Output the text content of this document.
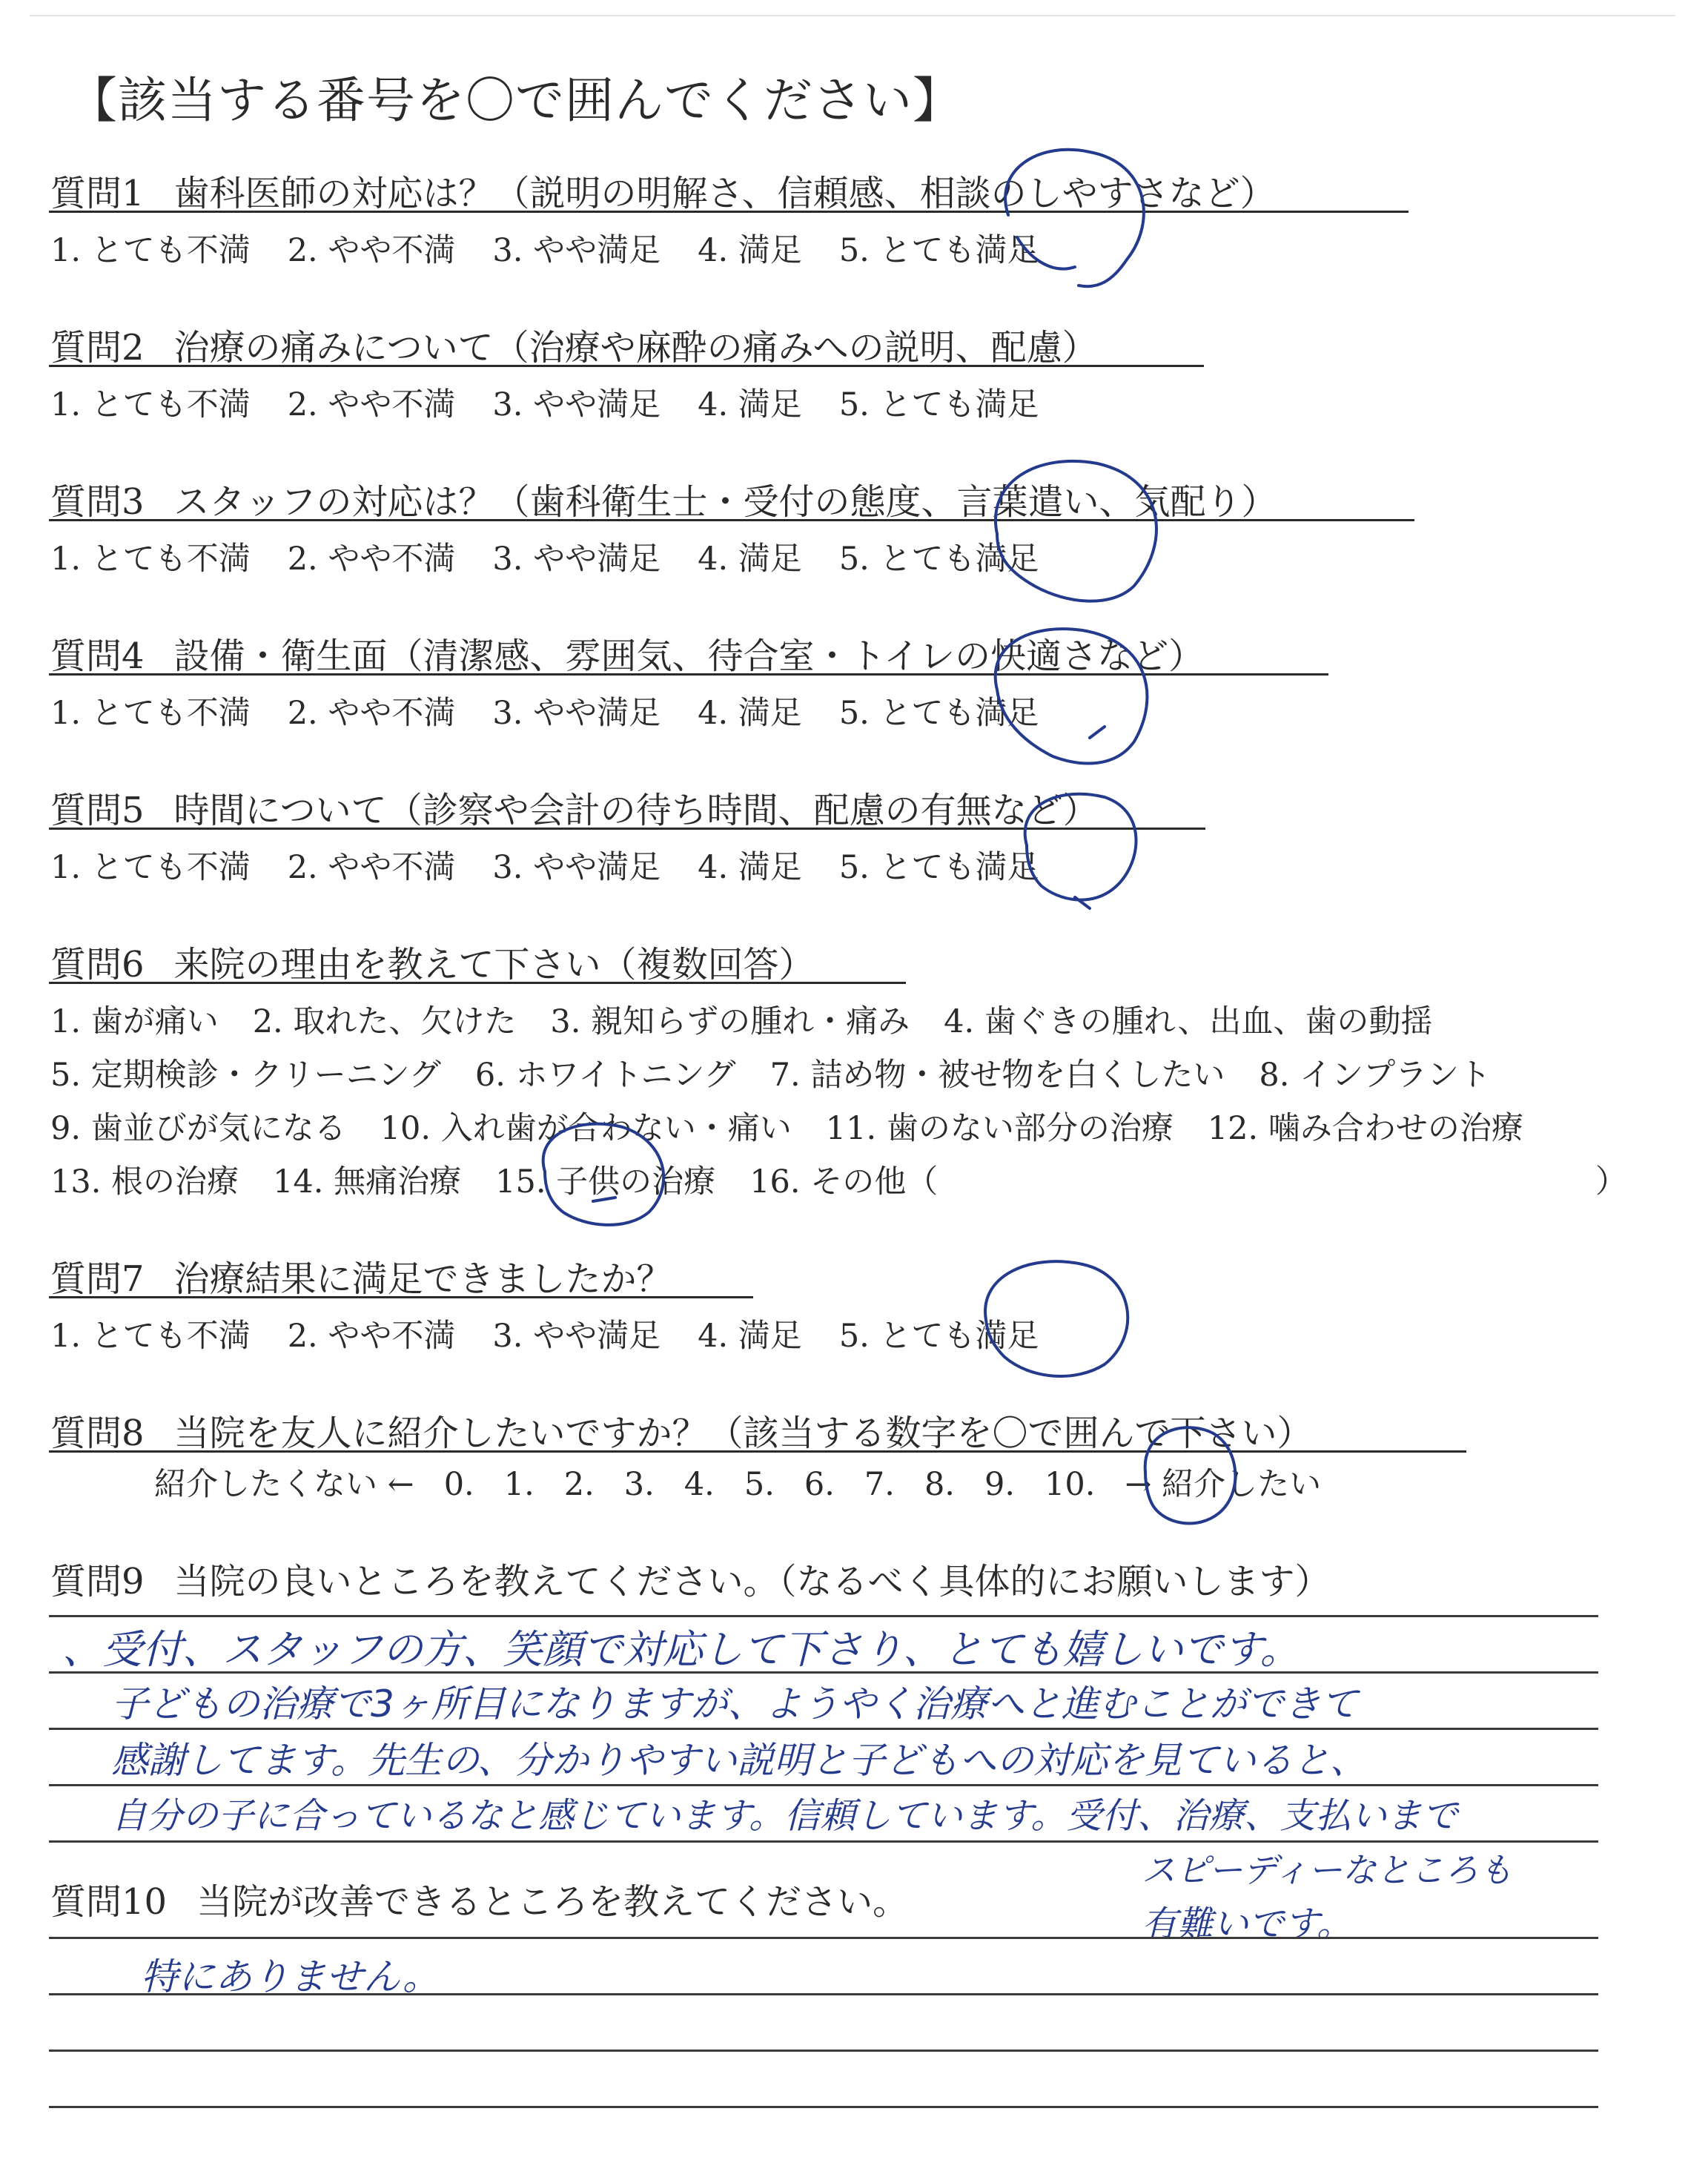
【該当する番号を〇で囲んでください】
質問1 歯科医師の対応は？（説明の明解さ、信頼感、相談のしやすさなど）
1. とても不満 2. やや不満 3. やや満足 4. 満足 5. とても満足
質問2 治療の痛みについて（治療や麻酔の痛みへの説明、配慮）
1. とても不満 2. やや不満 3. やや満足 4. 満足 5. とても満足
質問3 スタッフの対応は？（歯科衛生士・受付の態度、言葉遣い、気配り）
1. とても不満 2. やや不満 3. やや満足 4. 満足 5. とても満足
質問4 設備・衛生面（清潔感、雰囲気、待合室・トイレの快適さなど）
1. とても不満 2. やや不満 3. やや満足 4. 満足 5. とても満足
質問5 時間について（診察や会計の待ち時間、配慮の有無など）
1. とても不満 2. やや不満 3. やや満足 4. 満足 5. とても満足
質問6 来院の理由を教えて下さい（複数回答）
1. 歯が痛い 2. 取れた、欠けた 3. 親知らずの腫れ・痛み 4. 歯ぐきの腫れ、出血、歯の動揺
5. 定期検診・クリーニング 6. ホワイトニング 7. 詰め物・被せ物を白くしたい 8. インプラント
9. 歯並びが気になる 10. 入れ歯が合わない・痛い 11. 歯のない部分の治療 12. 噛み合わせの治療
13. 根の治療 14. 無痛治療 15. 子供の治療 16. その他（	）
質問7 治療結果に満足できましたか？
1. とても不満 2. やや不満 3. やや満足 4. 満足 5. とても満足
質問8 当院を友人に紹介したいですか？（該当する数字を〇で囲んで下さい）
紹介したくない ← 0. 1. 2. 3. 4. 5. 6. 7. 8. 9. 10. → 紹介したい
質問9 当院の良いところを教えてください。（なるべく具体的にお願いします）
、受付、スタッフの方、笑顔で対応して下さり、とても嬉しいです。
子どもの治療で3ヶ所目になりますが、ようやく治療へと進むことができて
感謝してます。先生の、分かりやすい説明と子どもへの対応を見ていると、
自分の子に合っているなと感じています。信頼しています。受付、治療、支払いまで
スピーディーなところも
有難いです。
質問10 当院が改善できるところを教えてください。
特にありません。
